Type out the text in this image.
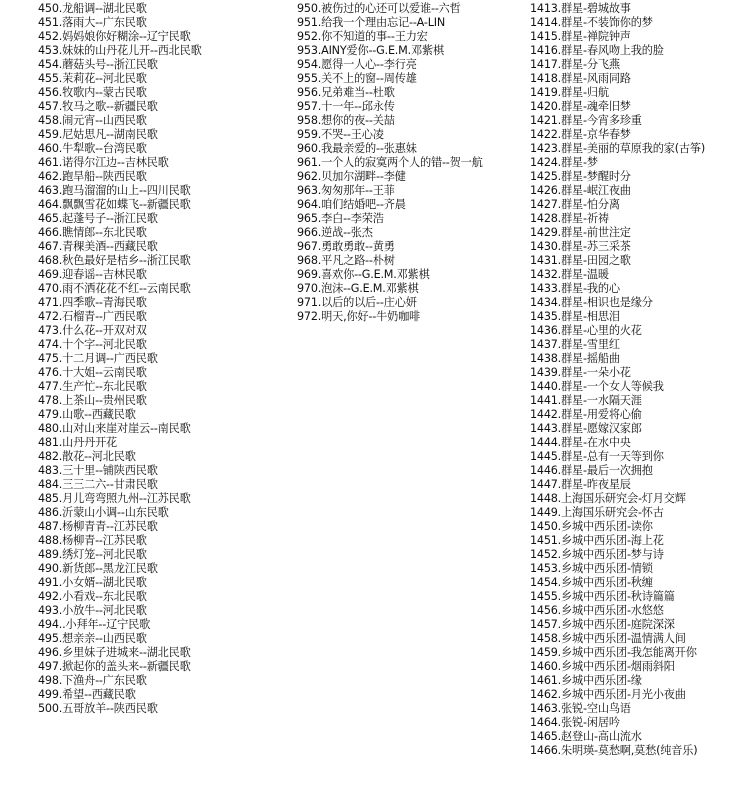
450.龙船调--湖北民歌
451.落雨大--广东民歌
452.妈妈娘你好糊涂--辽宁民歌
453.妹妹的山丹花儿开--西北民歌
454.蘑菇头号--浙江民歌
455.茉莉花--河北民歌
456.牧歌内--蒙古民歌
457.牧马之歌--新疆民歌
458.闹元宵--山西民歌
459.尼姑思凡--湖南民歌
460.牛犁歌--台湾民歌
461.诺得尔江边--吉林民歌
462.跑旱船--陕西民歌
463.跑马溜溜的山上--四川民歌
464.飘飘雪花如蝶飞--新疆民歌
465.起蓬号子--浙江民歌
466.瞧情郎--东北民歌
467.青稞美酒--西藏民歌
468.秋色最好是桔乡--浙江民歌
469.迎春谣--吉林民歌
470.雨不洒花花不红--云南民歌
471.四季歌--青海民歌
472.石榴青--广西民歌
473.什么花--开双对双
474.十个字--河北民歌
475.十二月调--广西民歌
476.十大姐--云南民歌
477.生产忙--东北民歌
478.上茶山--贵州民歌
479.山歌--西藏民歌
480.山对山来崖对崖云--南民歌
481.山丹丹开花
482.散花--河北民歌
483.三十里--铺陕西民歌
484.三三二六--甘肃民歌
485.月儿弯弯照九州--江苏民歌
486.沂蒙山小调--山东民歌
487.杨柳青青--江苏民歌
488.杨柳青--江苏民歌
489.绣灯笼--河北民歌
490.新货郎--黑龙江民歌
491.小女婿--湖北民歌
492.小看戏--东北民歌
493.小放牛--河北民歌
494..小拜年--辽宁民歌
495.想亲亲--山西民歌
496.乡里妹子进城来--湖北民歌
497.掀起你的盖头来--新疆民歌
498.下渔舟--广东民歌
499.希望--西藏民歌
500.五哥放羊--陕西民歌
950.被伤过的心还可以爱谁--六哲
951.给我一个理由忘记--A-LIN
952.你不知道的事--王力宏
953.AINY爱你--G.E.M.邓紫棋
954.愿得一人心--李行亮
955.关不上的窗--周传雄
956.兄弟难当--杜歌
957.十一年--邱永传
958.想你的夜--关喆
959.不哭--王心凌
960.我最亲爱的--张惠妹
961.一个人的寂寞两个人的错--贺一航
962.贝加尔湖畔--李健
963.匆匆那年--王菲
964.咱们结婚吧--齐晨
965.李白--李荣浩
966.逆战--张杰
967.勇敢勇敢--黄勇
968.平凡之路--朴树
969.喜欢你--G.E.M.邓紫棋
970.泡沫--G.E.M.邓紫棋
971.以后的以后--庄心妍
972.明天,你好--牛奶咖啡
1413.群星-碧城故事
1414.群星-不装饰你的梦
1415.群星-禅院钟声
1416.群星-春风吻上我的脸
1417.群星-分飞燕
1418.群星-风雨同路
1419.群星-归航
1420.群星-魂牵旧梦
1421.群星-今宵多珍重
1422.群星-京华春梦
1423.群星-美丽的草原我的家(古筝)
1424.群星-梦
1425.群星-梦醒时分
1426.群星-岷江夜曲
1427.群星-怕分离
1428.群星-祈祷
1429.群星-前世注定
1430.群星-苏三采茶
1431.群星-田园之歌
1432.群星-温暖
1433.群星-我的心
1434.群星-相识也是缘分
1435.群星-相思泪
1436.群星-心里的火花
1437.群星-雪里红
1438.群星-摇船曲
1439.群星-一朵小花
1440.群星-一个女人等候我
1441.群星-一水隔天涯
1442.群星-用爱将心偷
1443.群星-愿嫁汉家郎
1444.群星-在水中央
1445.群星-总有一天等到你
1446.群星-最后一次拥抱
1447.群星-昨夜星辰
1448.上海国乐研究会-灯月交辉
1449.上海国乐研究会-怀古
1450.乡城中西乐团-读你
1451.乡城中西乐团-海上花
1452.乡城中西乐团-梦与诗
1453.乡城中西乐团-情锁
1454.乡城中西乐团-秋缠
1455.乡城中西乐团-秋诗篇篇
1456.乡城中西乐团-水悠悠
1457.乡城中西乐团-庭院深深
1458.乡城中西乐团-温情满人间
1459.乡城中西乐团-我怎能离开你
1460.乡城中西乐团-烟雨斜阳
1461.乡城中西乐团-缘
1462.乡城中西乐团-月光小夜曲
1463.张锐-空山鸟语
1464.张锐-闲居吟
1465.赵登山-高山流水
1466.朱明瑛-莫愁啊,莫愁(纯音乐)
